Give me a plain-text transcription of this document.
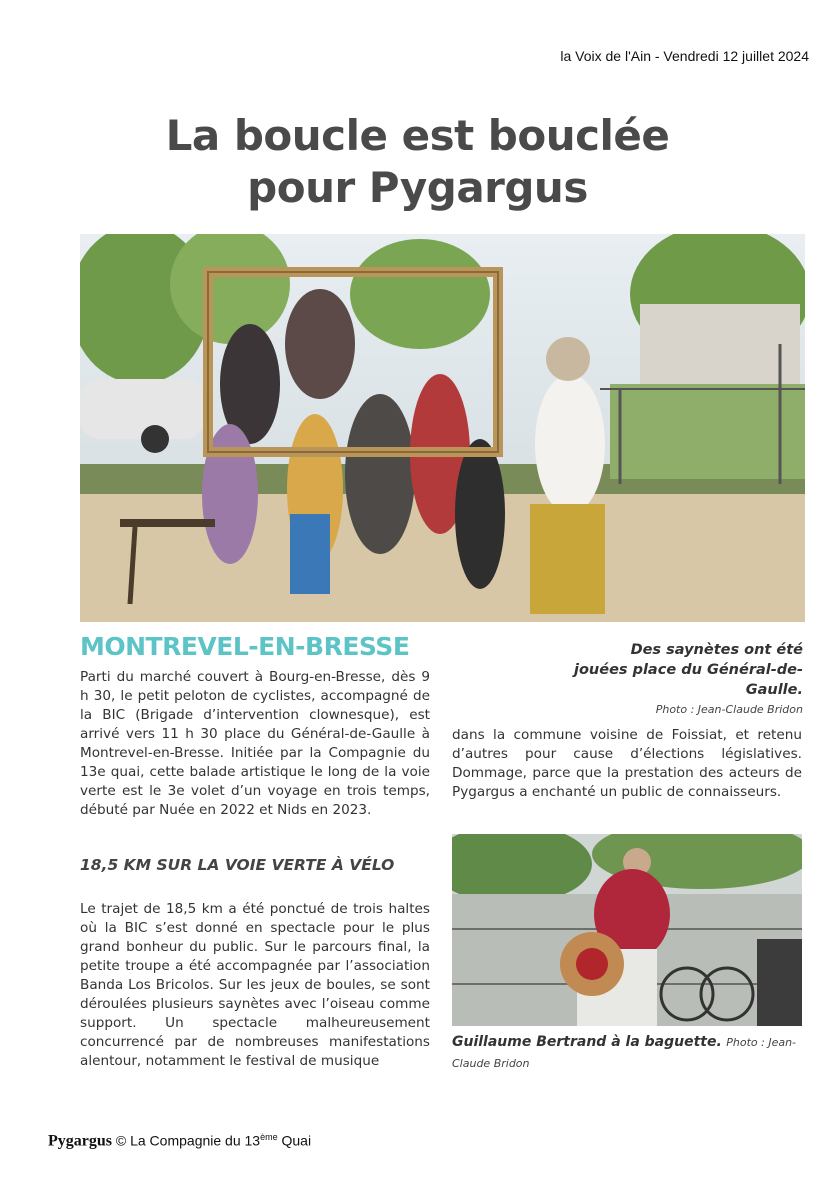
la Voix de l'Ain - Vendredi 12 juillet 2024
La boucle est bouclée
pour Pygargus
MONTREVEL-EN-BRESSE	Des saynètes ont été jouées place du Général-de-Gaulle.
Photo : Jean-Claude Bridon
Parti du marché couvert à Bourg-en-Bresse, dès 9 h 30, le petit peloton de cyclistes, accompagné de la BIC (Brigade d’intervention clownesque), est arrivé vers 11 h 30 place du Général-de-Gaulle à Montrevel-en-Bresse. Initiée par la Compagnie du 13e quai, cette balade artistique le long de la voie verte est le 3e volet d’un voyage en trois temps, débuté par Nuée en 2022 et Nids en 2023.
18,5 KM SUR LA VOIE VERTE À VÉLO
Le trajet de 18,5 km a été ponctué de trois haltes où la BIC s’est donné en spectacle pour le plus grand bonheur du public. Sur le parcours final, la petite troupe a été accompagnée par l’association Banda Los Bricolos. Sur les jeux de boules, se sont déroulées plusieurs saynètes avec l’oiseau comme support. Un spectacle malheureusement concurrencé par de nombreuses manifestations alentour, notamment le festival de musique
dans la commune voisine de Foissiat, et retenu d’autres pour cause d’élections législatives. Dommage, parce que la prestation des acteurs de Pygargus a enchanté un public de connaisseurs.
Guillaume Bertrand à la baguette. Photo : Jean-Claude Bridon
Pygargus © La Compagnie du 13ème Quai
